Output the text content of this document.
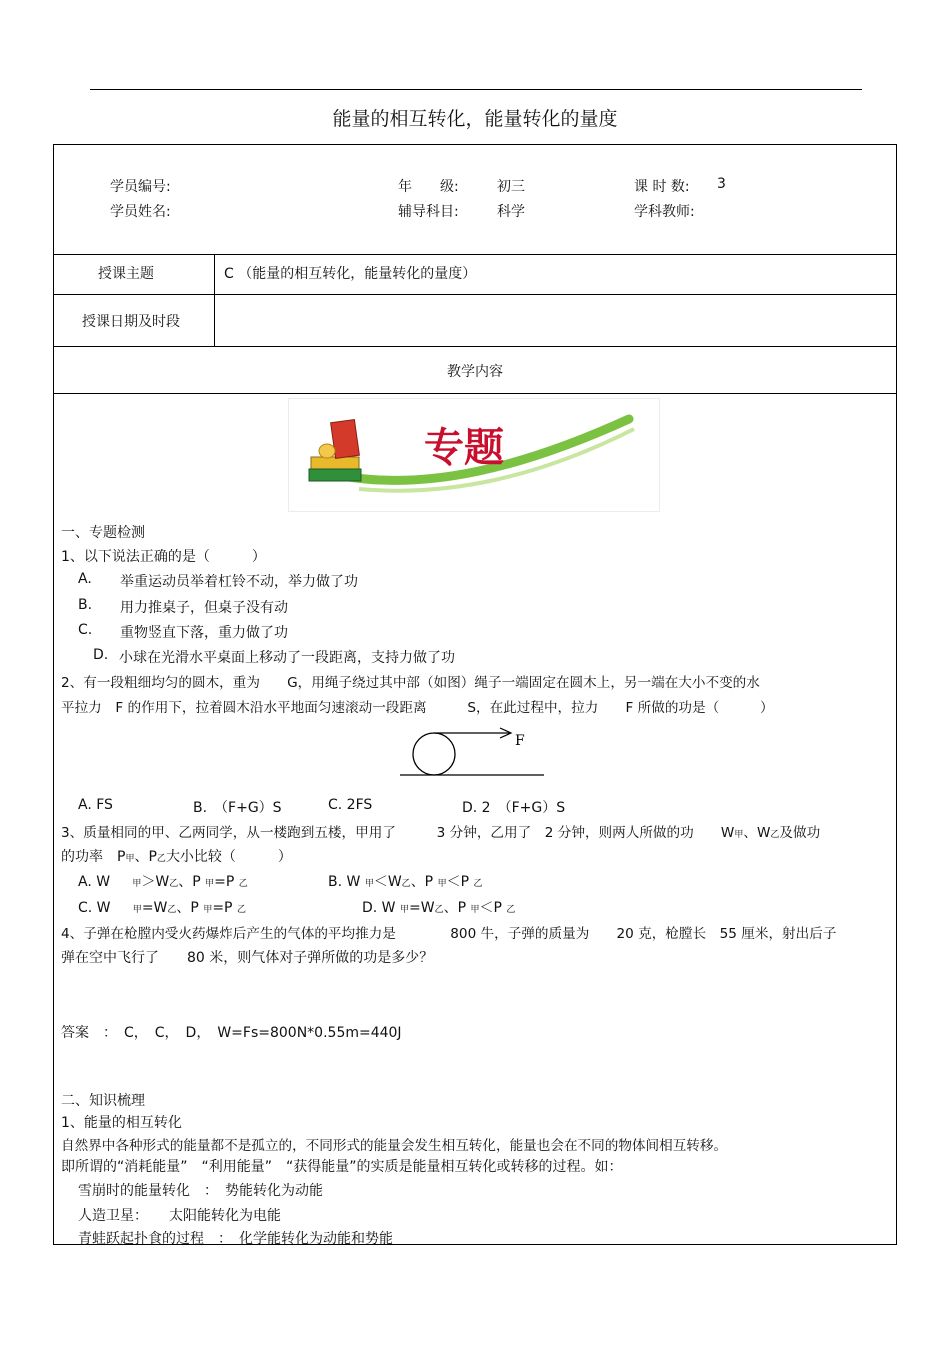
能量的相互转化，能量转化的量度
学员编号:	年　　级:	初三	课 时 数: 3
学员姓名:	辅导科目:	科学	学科教师:
授课主题	C （能量的相互转化，能量转化的量度）
授课日期及时段
教学内容
专题
一、专题检测
1、以下说法正确的是（　　　）
A. 举重运动员举着杠铃不动，举力做了功
B. 用力推桌子，但桌子没有动
C. 重物竖直下落，重力做了功
D. 小球在光滑水平桌面上移动了一段距离，支持力做了功
2、有一段粗细均匀的圆木，重为　　G，用绳子绕过其中部（如图）绳子一端固定在圆木上，另一端在大小不变的水
平拉力　F 的作用下，拉着圆木沿水平地面匀速滚动一段距离　　　S，在此过程中，拉力　　F 所做的功是（　　　）
F
A. FS	B.　（F+G）S	C. 2FS	D. 2　（F+G）S
3、质量相同的甲、乙两同学，从一楼跑到五楼，甲用了　　　3 分钟，乙用了　2 分钟，则两人所做的功　　W甲、W乙及做功
的功率　P甲、P乙大小比较（　　　）
A. W 甲＞W乙、P 甲=P 乙	B. W 甲＜W乙、P 甲＜P 乙
C. W 甲=W乙、P 甲=P 乙	D. W 甲=W乙、P 甲＜P 乙
4、子弹在枪膛内受火药爆炸后产生的气体的平均推力是　　　　800 牛，子弹的质量为　　20 克，枪膛长　55 厘米，射出后子
弹在空中飞行了　　80 米，则气体对子弹所做的功是多少？
答案　：　C，　C，　D，　W=Fs=800N*0.55m=440J
二、知识梳理
1、能量的相互转化
自然界中各种形式的能量都不是孤立的，不同形式的能量会发生相互转化，能量也会在不同的物体间相互转移。
即所谓的“消耗能量”　“利用能量”　“获得能量”的实质是能量相互转化或转移的过程。如：
雪崩时的能量转化　：　势能转化为动能
人造卫星：　　太阳能转化为电能
青蛙跃起扑食的过程　：　化学能转化为动能和势能
